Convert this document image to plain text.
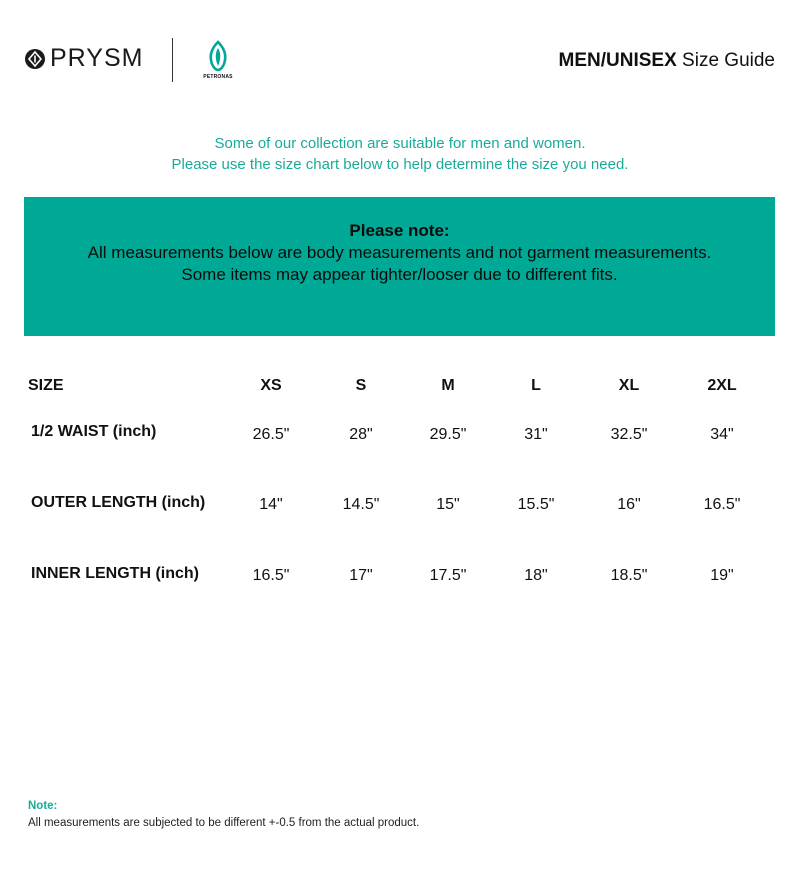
PRYSM
PETRONAS
MEN/UNISEX Size Guide
Some of our collection are suitable for men and women.
Please use the size chart below to help determine the size you need.
Please note:
All measurements below are body measurements and not garment measurements. Some items may appear tighter/looser due to different fits.
SIZE	XS	S	M	L	XL	2XL
1/2 WAIST (inch)	26.5"	28"	29.5"	31"	32.5"	34"
OUTER LENGTH (inch)	14"	14.5"	15"	15.5"	16"	16.5"
INNER LENGTH (inch)	16.5"	17"	17.5"	18"	18.5"	19"
Note:
All measurements are subjected to be different +-0.5 from the actual product.
